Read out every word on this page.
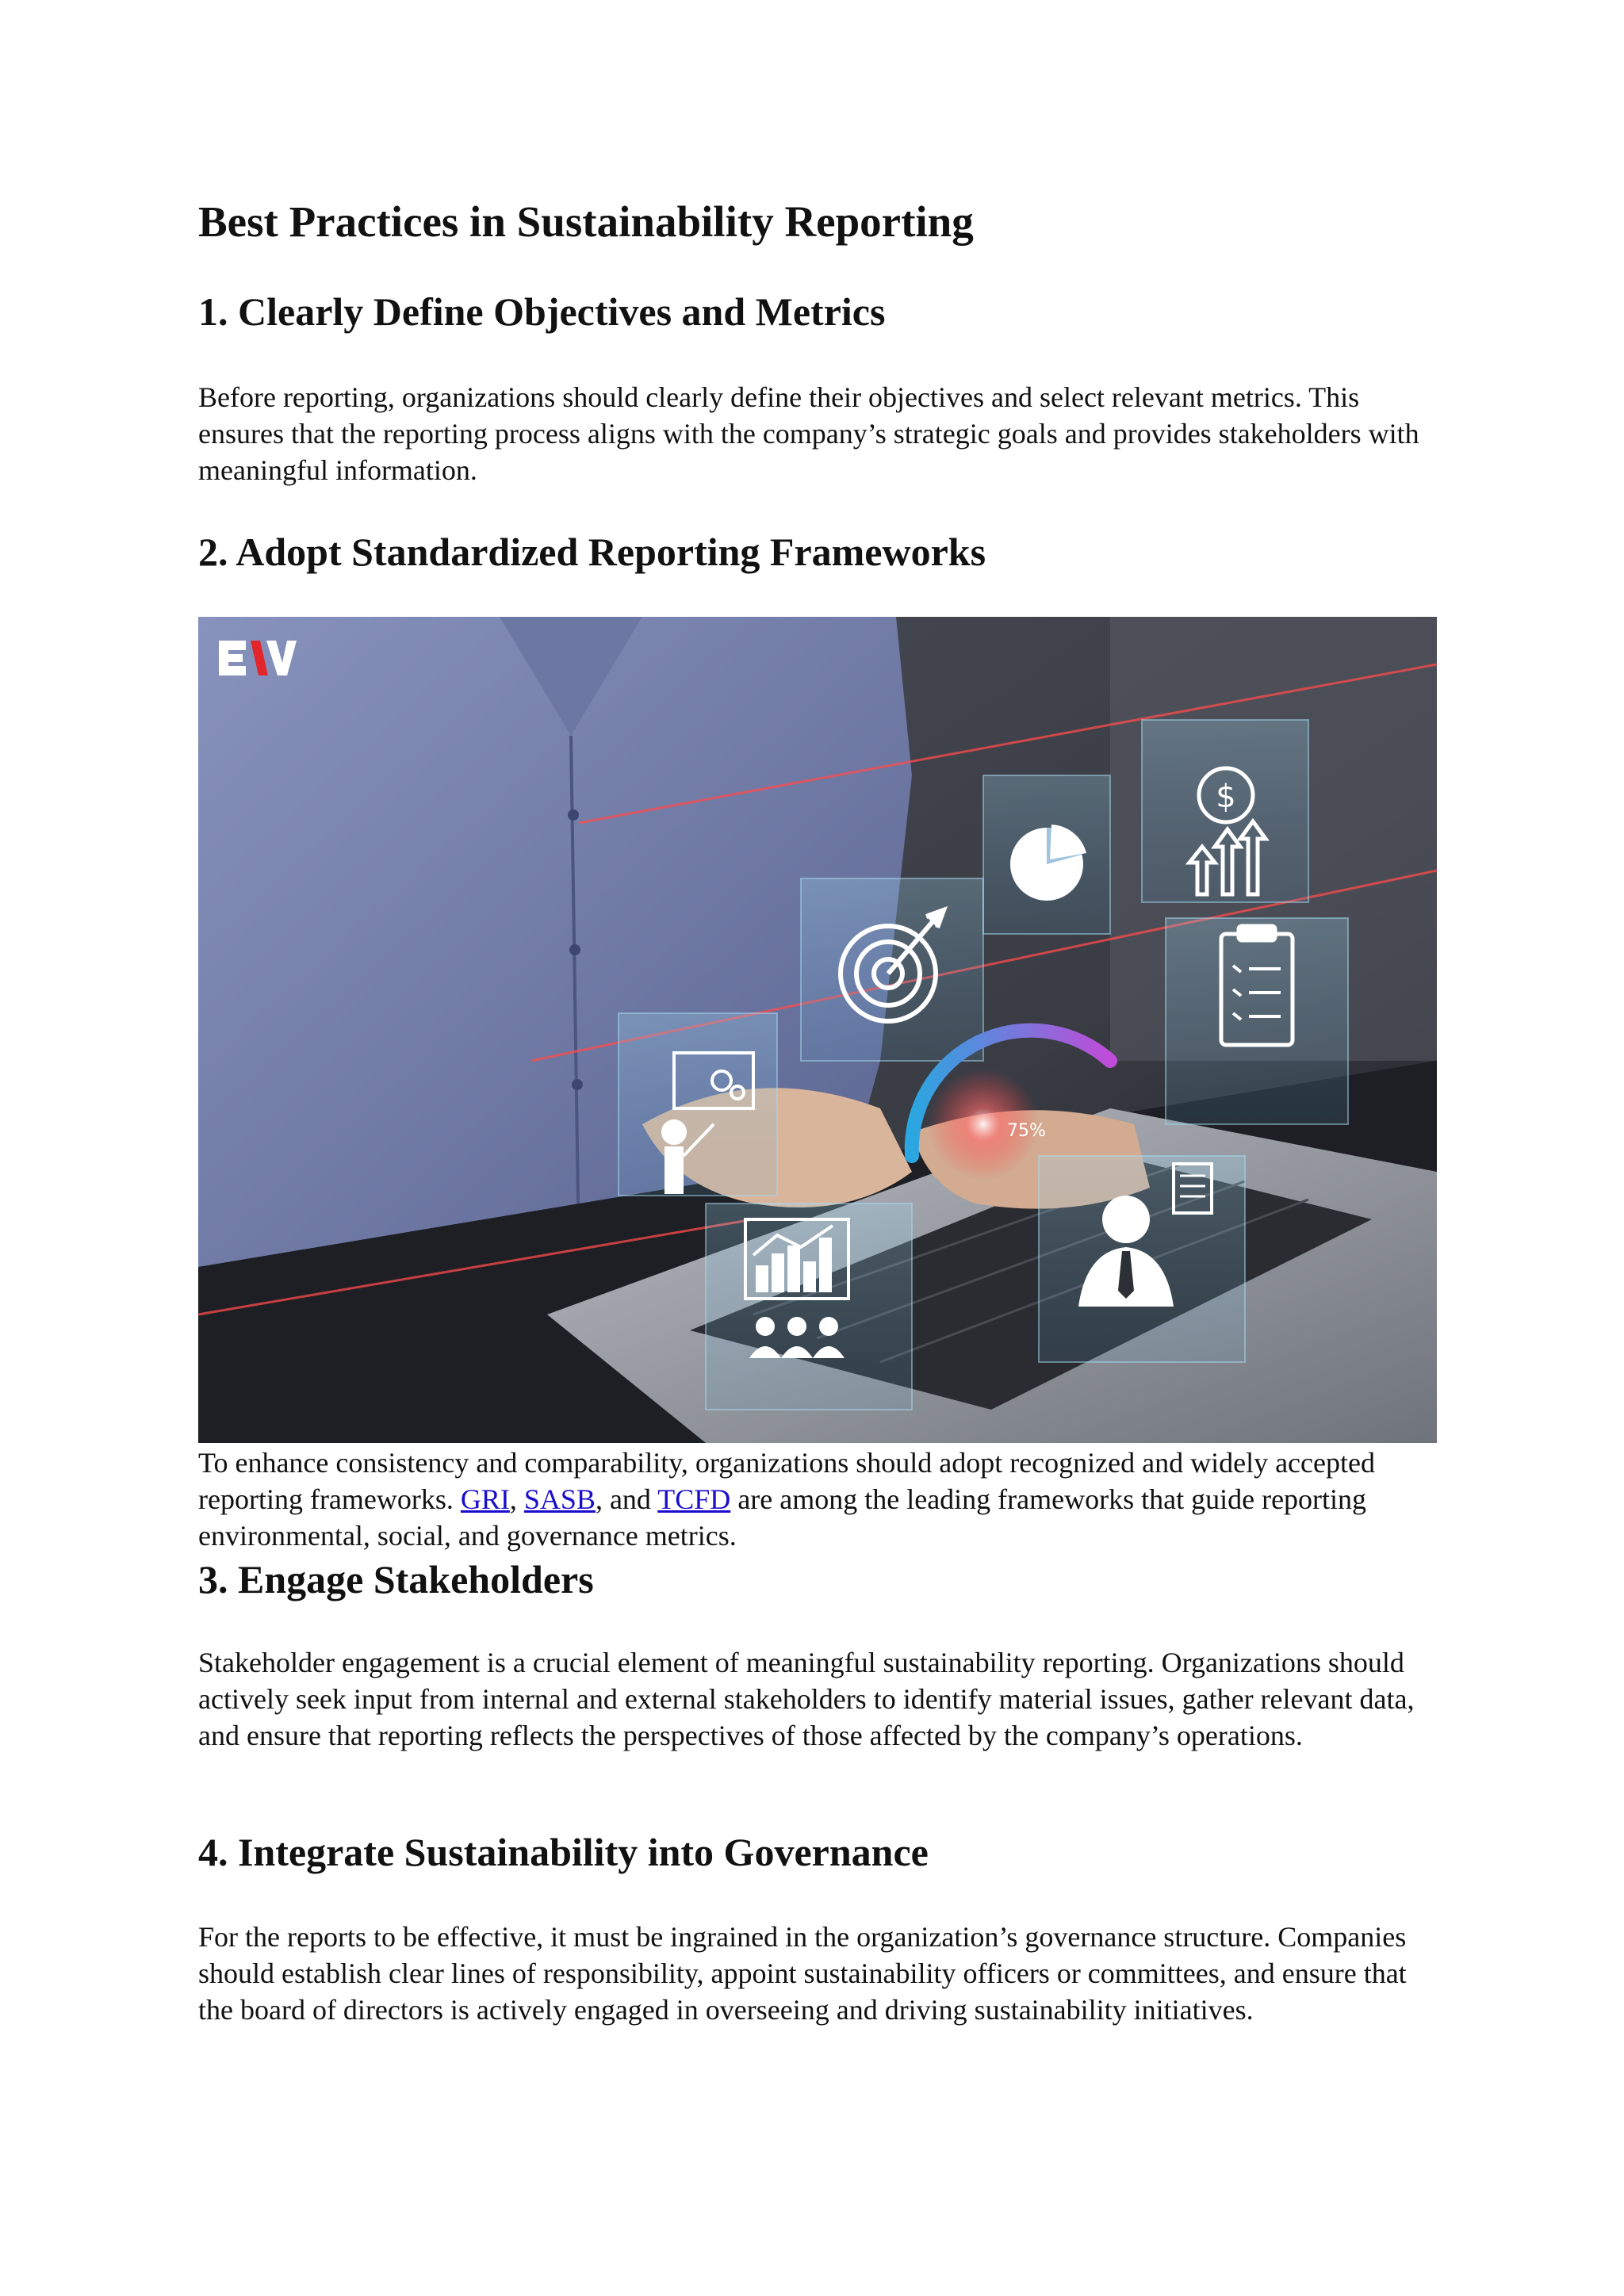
Best Practices in Sustainability Reporting
1. Clearly Define Objectives and Metrics

Before reporting, organizations should clearly define their objectives and select relevant metrics. This ensures that the reporting process aligns with the company’s strategic goals and provides stakeholders with meaningful information.

2. Adopt Standardized Reporting Frameworks
$
75%

To enhance consistency and comparability, organizations should adopt recognized and widely accepted reporting frameworks. GRI, SASB, and TCFD are among the leading frameworks that guide reporting environmental, social, and governance metrics.

3. Engage Stakeholders

Stakeholder engagement is a crucial element of meaningful sustainability reporting. Organizations should actively seek input from internal and external stakeholders to identify material issues, gather relevant data, and ensure that reporting reflects the perspectives of those affected by the company’s operations.

4. Integrate Sustainability into Governance

For the reports to be effective, it must be ingrained in the organization’s governance structure. Companies should establish clear lines of responsibility, appoint sustainability officers or committees, and ensure that the board of directors is actively engaged in overseeing and driving sustainability initiatives.
